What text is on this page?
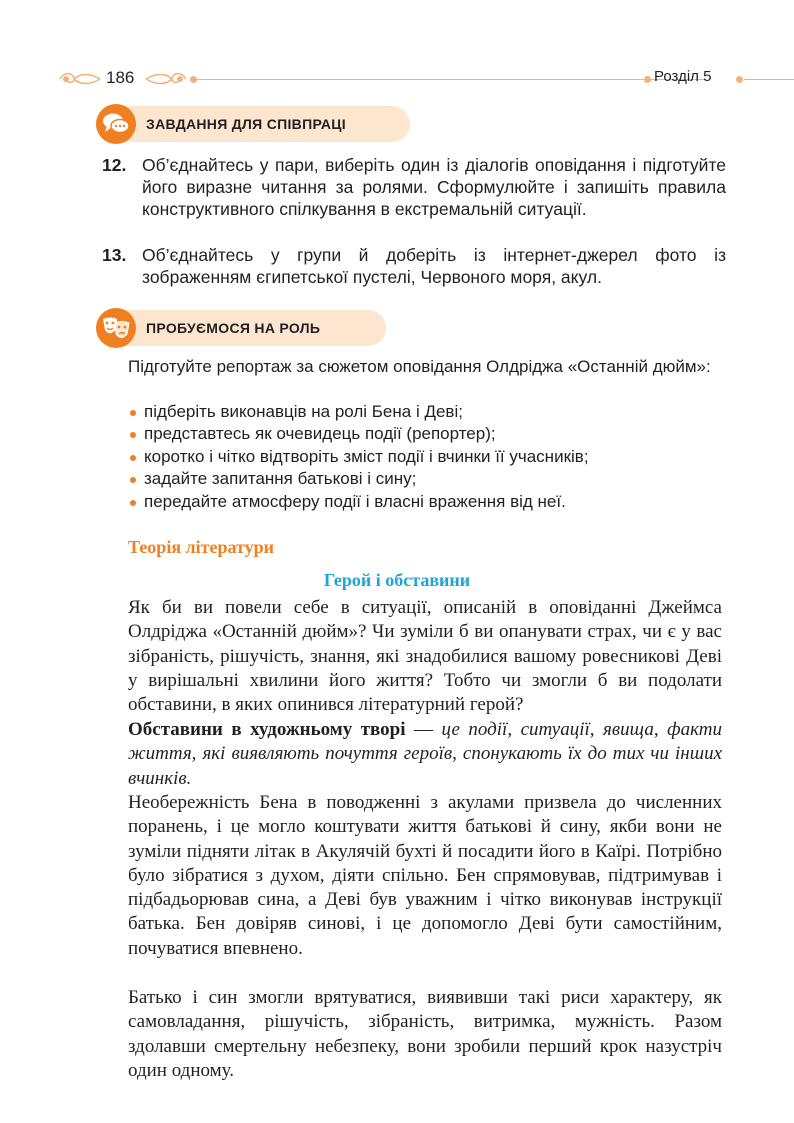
186	Розділ 5
ЗАВДАННЯ ДЛЯ СПІВПРАЦІ
12. Об’єднайтесь у пари, виберіть один із діалогів оповідання і підготуйте його виразне читання за ролями. Сформулюйте і запишіть правила конструктивного спілкування в екстремальній ситуації.
13. Об’єднайтесь у групи й доберіть із інтернет-джерел фото із зображенням єгипетської пустелі, Червоного моря, акул.
ПРОБУЄМОСЯ НА РОЛЬ
Підготуйте репортаж за сюжетом оповідання Олдріджа «Останній дюйм»:
підберіть виконавців на ролі Бена і Деві;
представтесь як очевидець події (репортер);
коротко і чітко відтворіть зміст події і вчинки її учасників;
задайте запитання батькові і сину;
передайте атмосферу події і власні враження від неї.
Теорія літератури
Герой і обставини
Як би ви повели себе в ситуації, описаній в оповіданні Джеймса Олдріджа «Останній дюйм»? Чи зуміли б ви опанувати страх, чи є у вас зібраність, рішучість, знання, які знадобилися вашому ровесникові Деві у вирішальні хвилини його життя? Тобто чи змогли б ви подолати обставини, в яких опинився літературний герой?
Обставини в художньому творі — це події, ситуації, явища, факти життя, які виявляють почуття героїв, спонукають їх до тих чи інших вчинків.
Необережність Бена в поводженні з акулами призвела до численних поранень, і це могло коштувати життя батькові й сину, якби вони не зуміли підняти літак в Акулячій бухті й посадити його в Каїрі. Потрібно було зібратися з духом, діяти спільно. Бен спрямовував, підтримував і підбадьорював сина, а Деві був уважним і чітко виконував інструкції батька. Бен довіряв синові, і це допомогло Деві бути самостійним, почуватися впевнено.
Батько і син змогли врятуватися, виявивши такі риси характеру, як самовладання, рішучість, зібраність, витримка, мужність. Разом здолавши смертельну небезпеку, вони зробили перший крок назустріч один одному.
